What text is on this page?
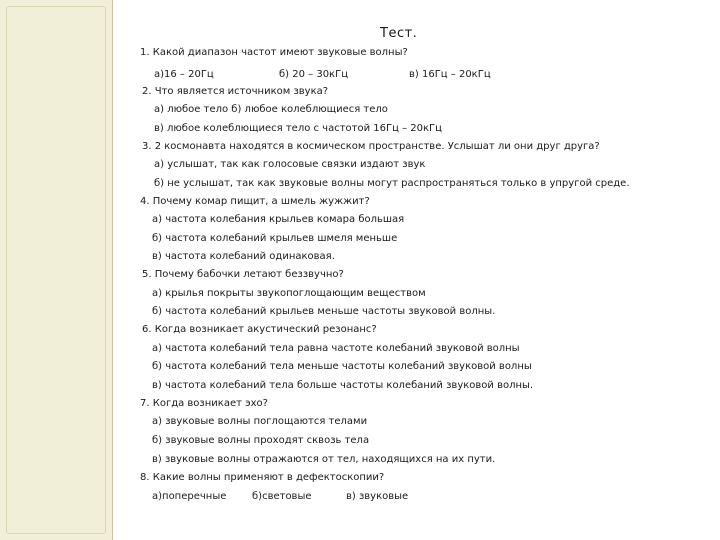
Тест.
1. Какой диапазон частот имеют звуковые волны?
а)16 – 20Гц	б) 20 – 30кГц	в) 16Гц – 20кГц
2. Что является источником звука?
а) любое тело б) любое колеблющиеся тело
в) любое колеблющиеся тело с частотой 16Гц – 20кГц
3. 2 космонавта находятся в космическом пространстве. Услышат ли они друг друга?
а) услышат, так как голосовые связки издают звук
б) не услышат, так как звуковые волны могут распространяться только в упругой среде.
4. Почему комар пищит, а шмель жужжит?
а) частота колебания крыльев комара большая
б) частота колебаний крыльев шмеля меньше
в) частота колебаний одинаковая.
5. Почему бабочки летают беззвучно?
а) крылья покрыты звукопоглощающим веществом
б) частота колебаний крыльев меньше частоты звуковой волны.
6. Когда возникает акустический резонанс?
а) частота колебаний тела равна частоте колебаний звуковой волны
б) частота колебаний тела меньше частоты колебаний звуковой волны
в) частота колебаний тела больше частоты колебаний звуковой волны.
7. Когда возникает эхо?
а) звуковые волны поглощаются телами
б) звуковые волны проходят сквозь тела
в) звуковые волны отражаются от тел, находящихся на их пути.
8. Какие волны применяют в дефектоскопии?
а)поперечные	б)световые	в) звуковые
